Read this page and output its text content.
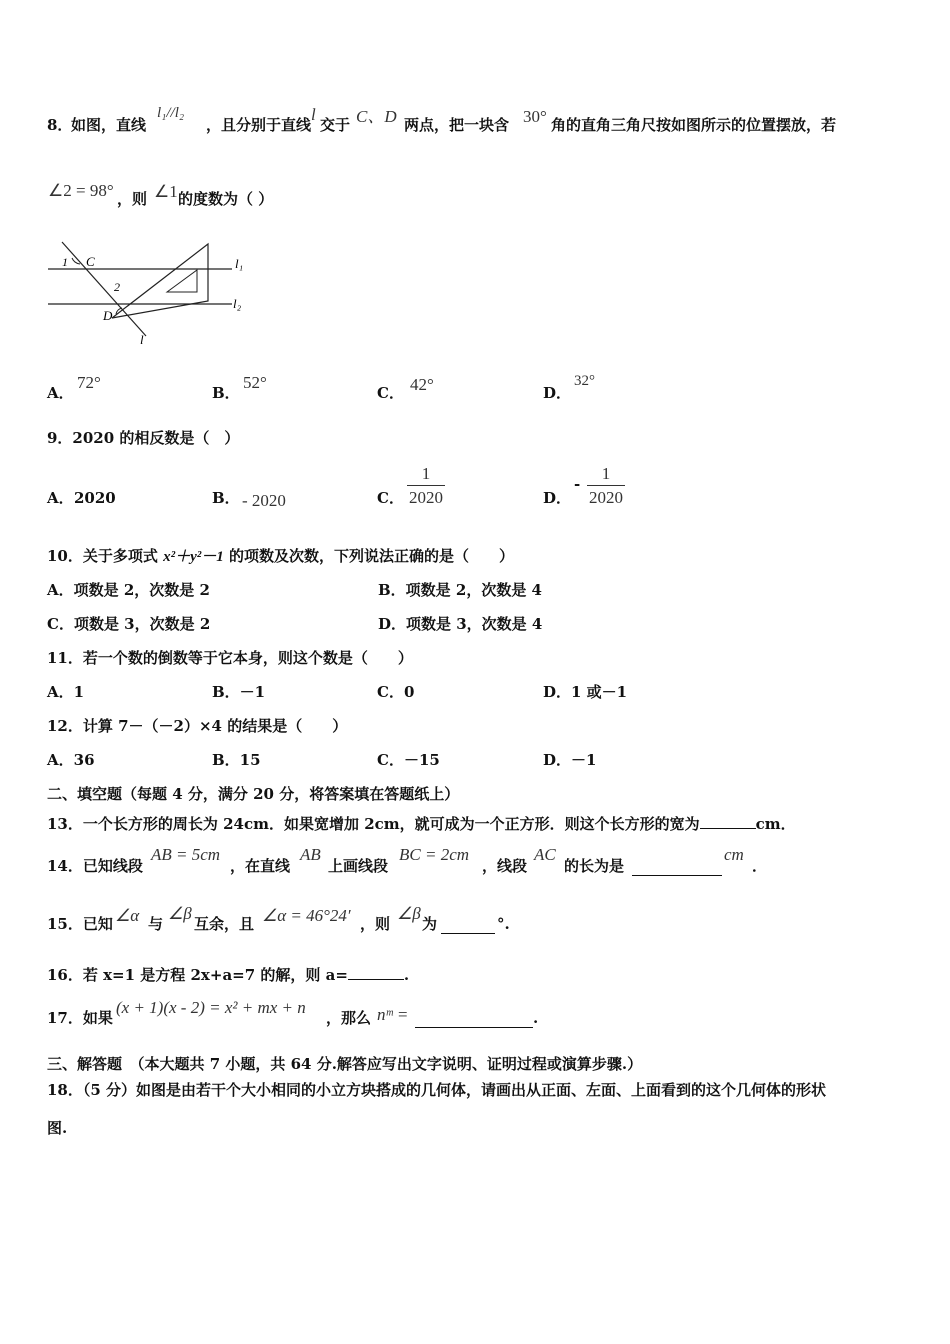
8．
如图，直线
l₁//l₂
，且分别于直线
l
交于 C、D 两点，把一块含 30° 角的直角三角尺按如图所示的位置摆放，若
∠2 = 98° ，则 ∠1 的度数为（ ）
1 C
2
D
l
l₁
l₂
A．
72°
B．
52°
C． 42°	D．
32°
9．2020 的相反数是（　）
A． 2020	B． - 2020	C． $\frac{1}{2020}$	D．
- $\frac{1}{2020}$
10．关于多项式 x²＋y²－1 的项数及次数，下列说法正确的是（　　）
A．项数是 2，次数是 2	B．项数是 2，次数是 4
C．项数是 3，次数是 2	D．项数是 3，次数是 4
11．若一个数的倒数等于它本身，则这个数是（　　）
A．1	B．－1	C．0	D．1 或－1
12．计算 7－（－2）×4 的结果是（　　）
A．36	B．15	C．－15	D．－1
二、填空题（每题 4 分，满分 20 分，将答案填在答题纸上）
13．一个长方形的周长为 24cm．如果宽增加 2cm，就可成为一个正方形．则这个长方形的宽为	cm．
14．已知线段
AB = 5cm
，在直线
AB
上画线段
BC = 2cm
，线段
AC
的长为是
cm
．
15．已知 ∠α 与
∠β
互余，且 ∠α = 46°24′ ，则
∠β
为	°.
16．若 x=1 是方程 2x+a=7 的解，则 a=	.
17．如果
(x + 1)(x - 2) = x² + mx + n
，那么 nᵐ =	.
三、解答题　（本大题共 7 小题，共 64 分.解答应写出文字说明、证明过程或演算步骤.）
18．（5 分）如图是由若干个大小相同的小立方块搭成的几何体，请画出从正面、左面、上面看到的这个几何体的形状
图.
